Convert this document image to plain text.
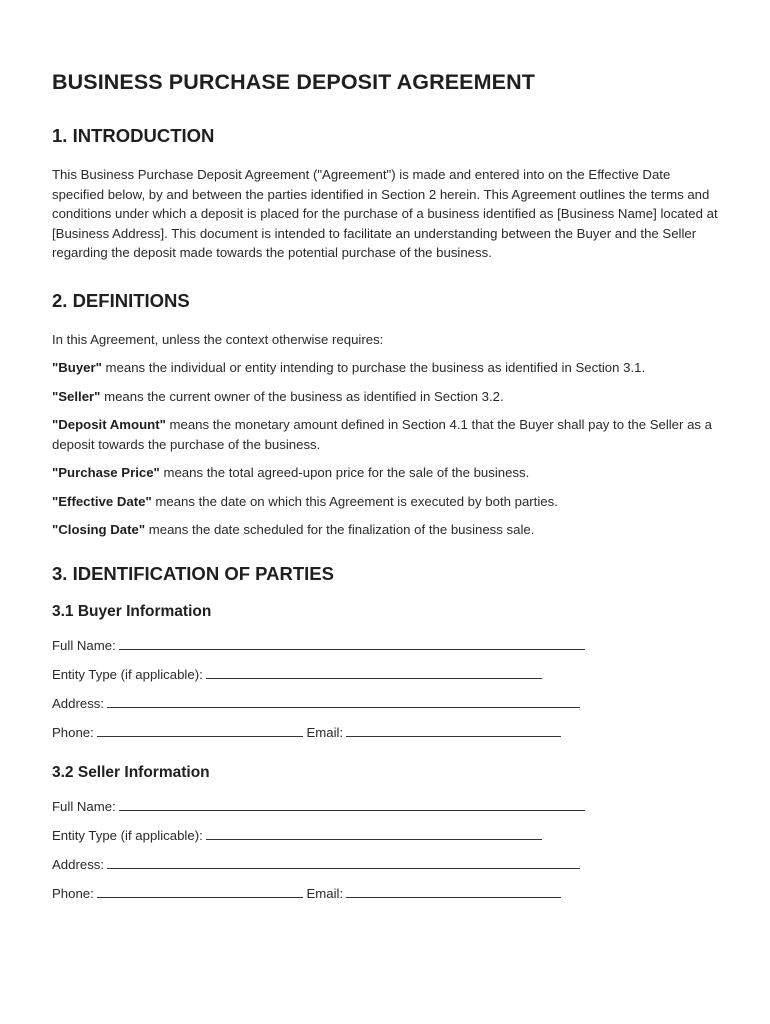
BUSINESS PURCHASE DEPOSIT AGREEMENT
1. INTRODUCTION

This Business Purchase Deposit Agreement ("Agreement") is made and entered into on the Effective Date specified below, by and between the parties identified in Section 2 herein. This Agreement outlines the terms and conditions under which a deposit is placed for the purchase of a business identified as [Business Name] located at [Business Address]. This document is intended to facilitate an understanding between the Buyer and the Seller regarding the deposit made towards the potential purchase of the business.

2. DEFINITIONS

In this Agreement, unless the context otherwise requires:

"Buyer" means the individual or entity intending to purchase the business as identified in Section 3.1.

"Seller" means the current owner of the business as identified in Section 3.2.

"Deposit Amount" means the monetary amount defined in Section 4.1 that the Buyer shall pay to the Seller as a deposit towards the purchase of the business.

"Purchase Price" means the total agreed-upon price for the sale of the business.

"Effective Date" means the date on which this Agreement is executed by both parties.

"Closing Date" means the date scheduled for the finalization of the business sale.

3. IDENTIFICATION OF PARTIES
3.1 Buyer Information
Full Name:
Entity Type (if applicable):
Address:
Phone:	Email:
3.2 Seller Information
Full Name:
Entity Type (if applicable):
Address:
Phone:	Email:
